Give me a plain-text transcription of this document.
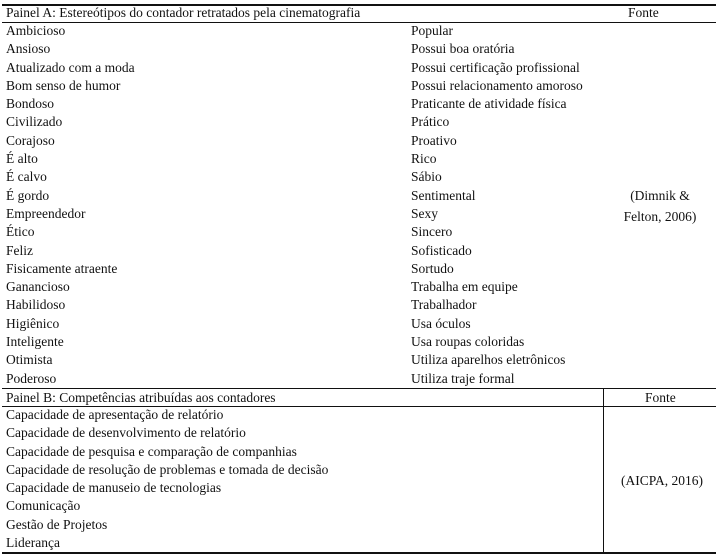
Painel A: Estereótipos do contador retratados pela cinematografia	Fonte
Ambicioso
Ansioso
Atualizado com a moda
Bom senso de humor
Bondoso
Civilizado
Corajoso
É alto
É calvo
É gordo
Empreendedor
Ético
Feliz
Fisicamente atraente
Ganancioso
Habilidoso
Higiênico
Inteligente
Otimista
Poderoso
Popular
Possui boa oratória
Possui certificação profissional
Possui relacionamento amoroso
Praticante de atividade física
Prático
Proativo
Rico
Sábio
Sentimental
Sexy
Sincero
Sofisticado
Sortudo
Trabalha em equipe
Trabalhador
Usa óculos
Usa roupas coloridas
Utiliza aparelhos eletrônicos
Utiliza traje formal
(Dimnik &
Felton, 2006)
Painel B: Competências atribuídas aos contadores	Fonte
Capacidade de apresentação de relatório
Capacidade de desenvolvimento de relatório
Capacidade de pesquisa e comparação de companhias
Capacidade de resolução de problemas e tomada de decisão
Capacidade de manuseio de tecnologias
Comunicação
Gestão de Projetos
Liderança
(AICPA, 2016)
